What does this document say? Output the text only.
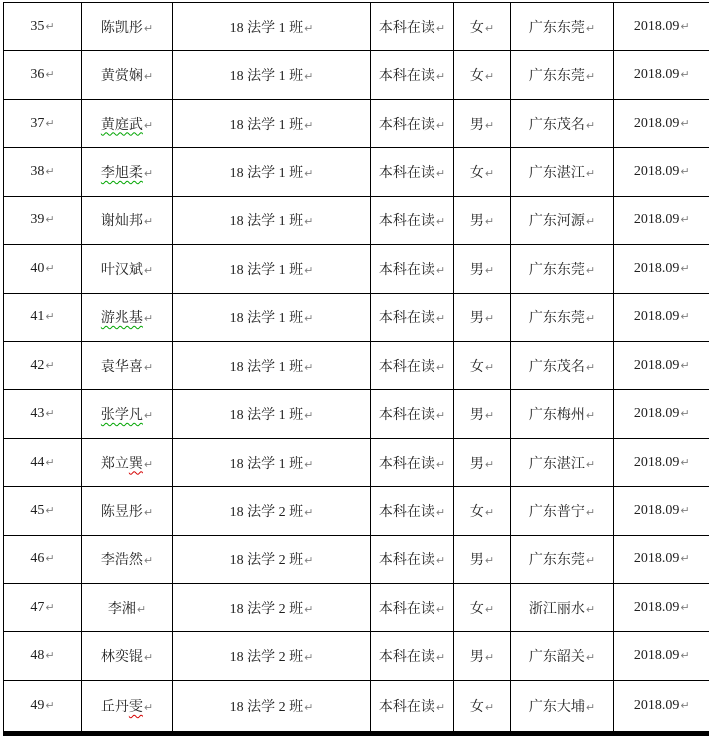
35↵	陈凯彤↵	18 法学 1 班↵	本科在读↵	女↵	广东东莞↵	2018.09↵
36↵	黄赏娴↵	18 法学 1 班↵	本科在读↵	女↵	广东东莞↵	2018.09↵
37↵	黄庭武↵	18 法学 1 班↵	本科在读↵	男↵	广东茂名↵	2018.09↵
38↵	李旭柔↵	18 法学 1 班↵	本科在读↵	女↵	广东湛江↵	2018.09↵
39↵	谢灿邦↵	18 法学 1 班↵	本科在读↵	男↵	广东河源↵	2018.09↵
40↵	叶汉斌↵	18 法学 1 班↵	本科在读↵	男↵	广东东莞↵	2018.09↵
41↵	游兆基↵	18 法学 1 班↵	本科在读↵	男↵	广东东莞↵	2018.09↵
42↵	袁华喜↵	18 法学 1 班↵	本科在读↵	女↵	广东茂名↵	2018.09↵
43↵	张学凡↵	18 法学 1 班↵	本科在读↵	男↵	广东梅州↵	2018.09↵
44↵	郑立巽↵	18 法学 1 班↵	本科在读↵	男↵	广东湛江↵	2018.09↵
45↵	陈昱彤↵	18 法学 2 班↵	本科在读↵	女↵	广东普宁↵	2018.09↵
46↵	李浩然↵	18 法学 2 班↵	本科在读↵	男↵	广东东莞↵	2018.09↵
47↵	李湘↵	18 法学 2 班↵	本科在读↵	女↵	浙江丽水↵	2018.09↵
48↵	林奕锟↵	18 法学 2 班↵	本科在读↵	男↵	广东韶关↵	2018.09↵
49↵	丘丹雯↵	18 法学 2 班↵	本科在读↵	女↵	广东大埔↵	2018.09↵
